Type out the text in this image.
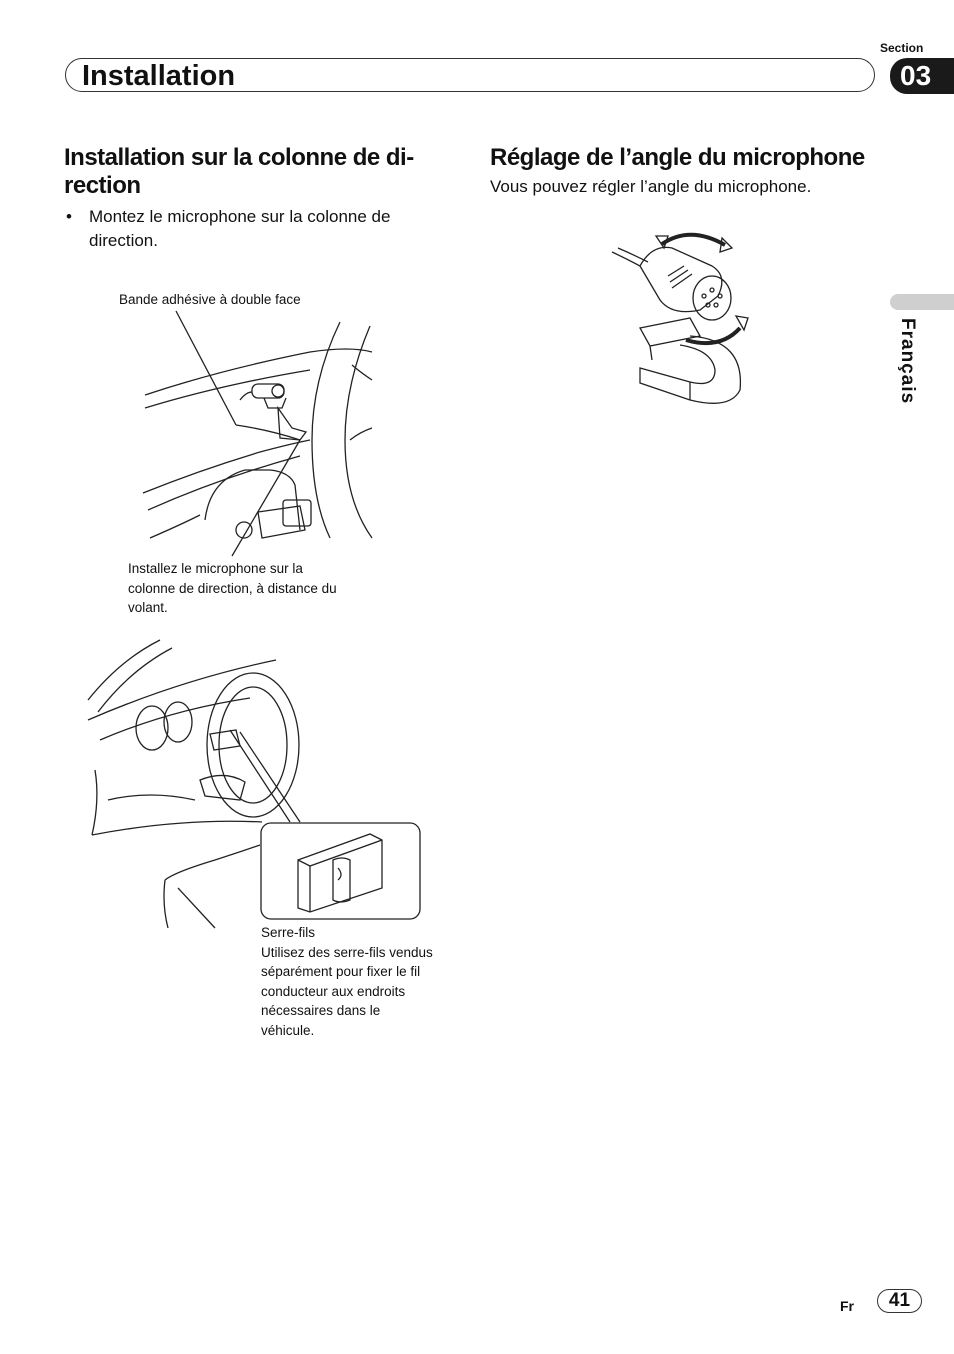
Section
Installation	03
Français
Installation sur la colonne de di-
rection
•	Montez le microphone sur la colonne de direction.
Bande adhésive à double face
Installez le microphone sur la colonne de direction, à distance du volant.
Serre-fils
Utilisez des serre-fils vendus séparément pour fixer le fil conducteur aux endroits nécessaires dans le véhicule.
Réglage de l’angle du microphone
Vous pouvez régler l’angle du microphone.
Fr	41
